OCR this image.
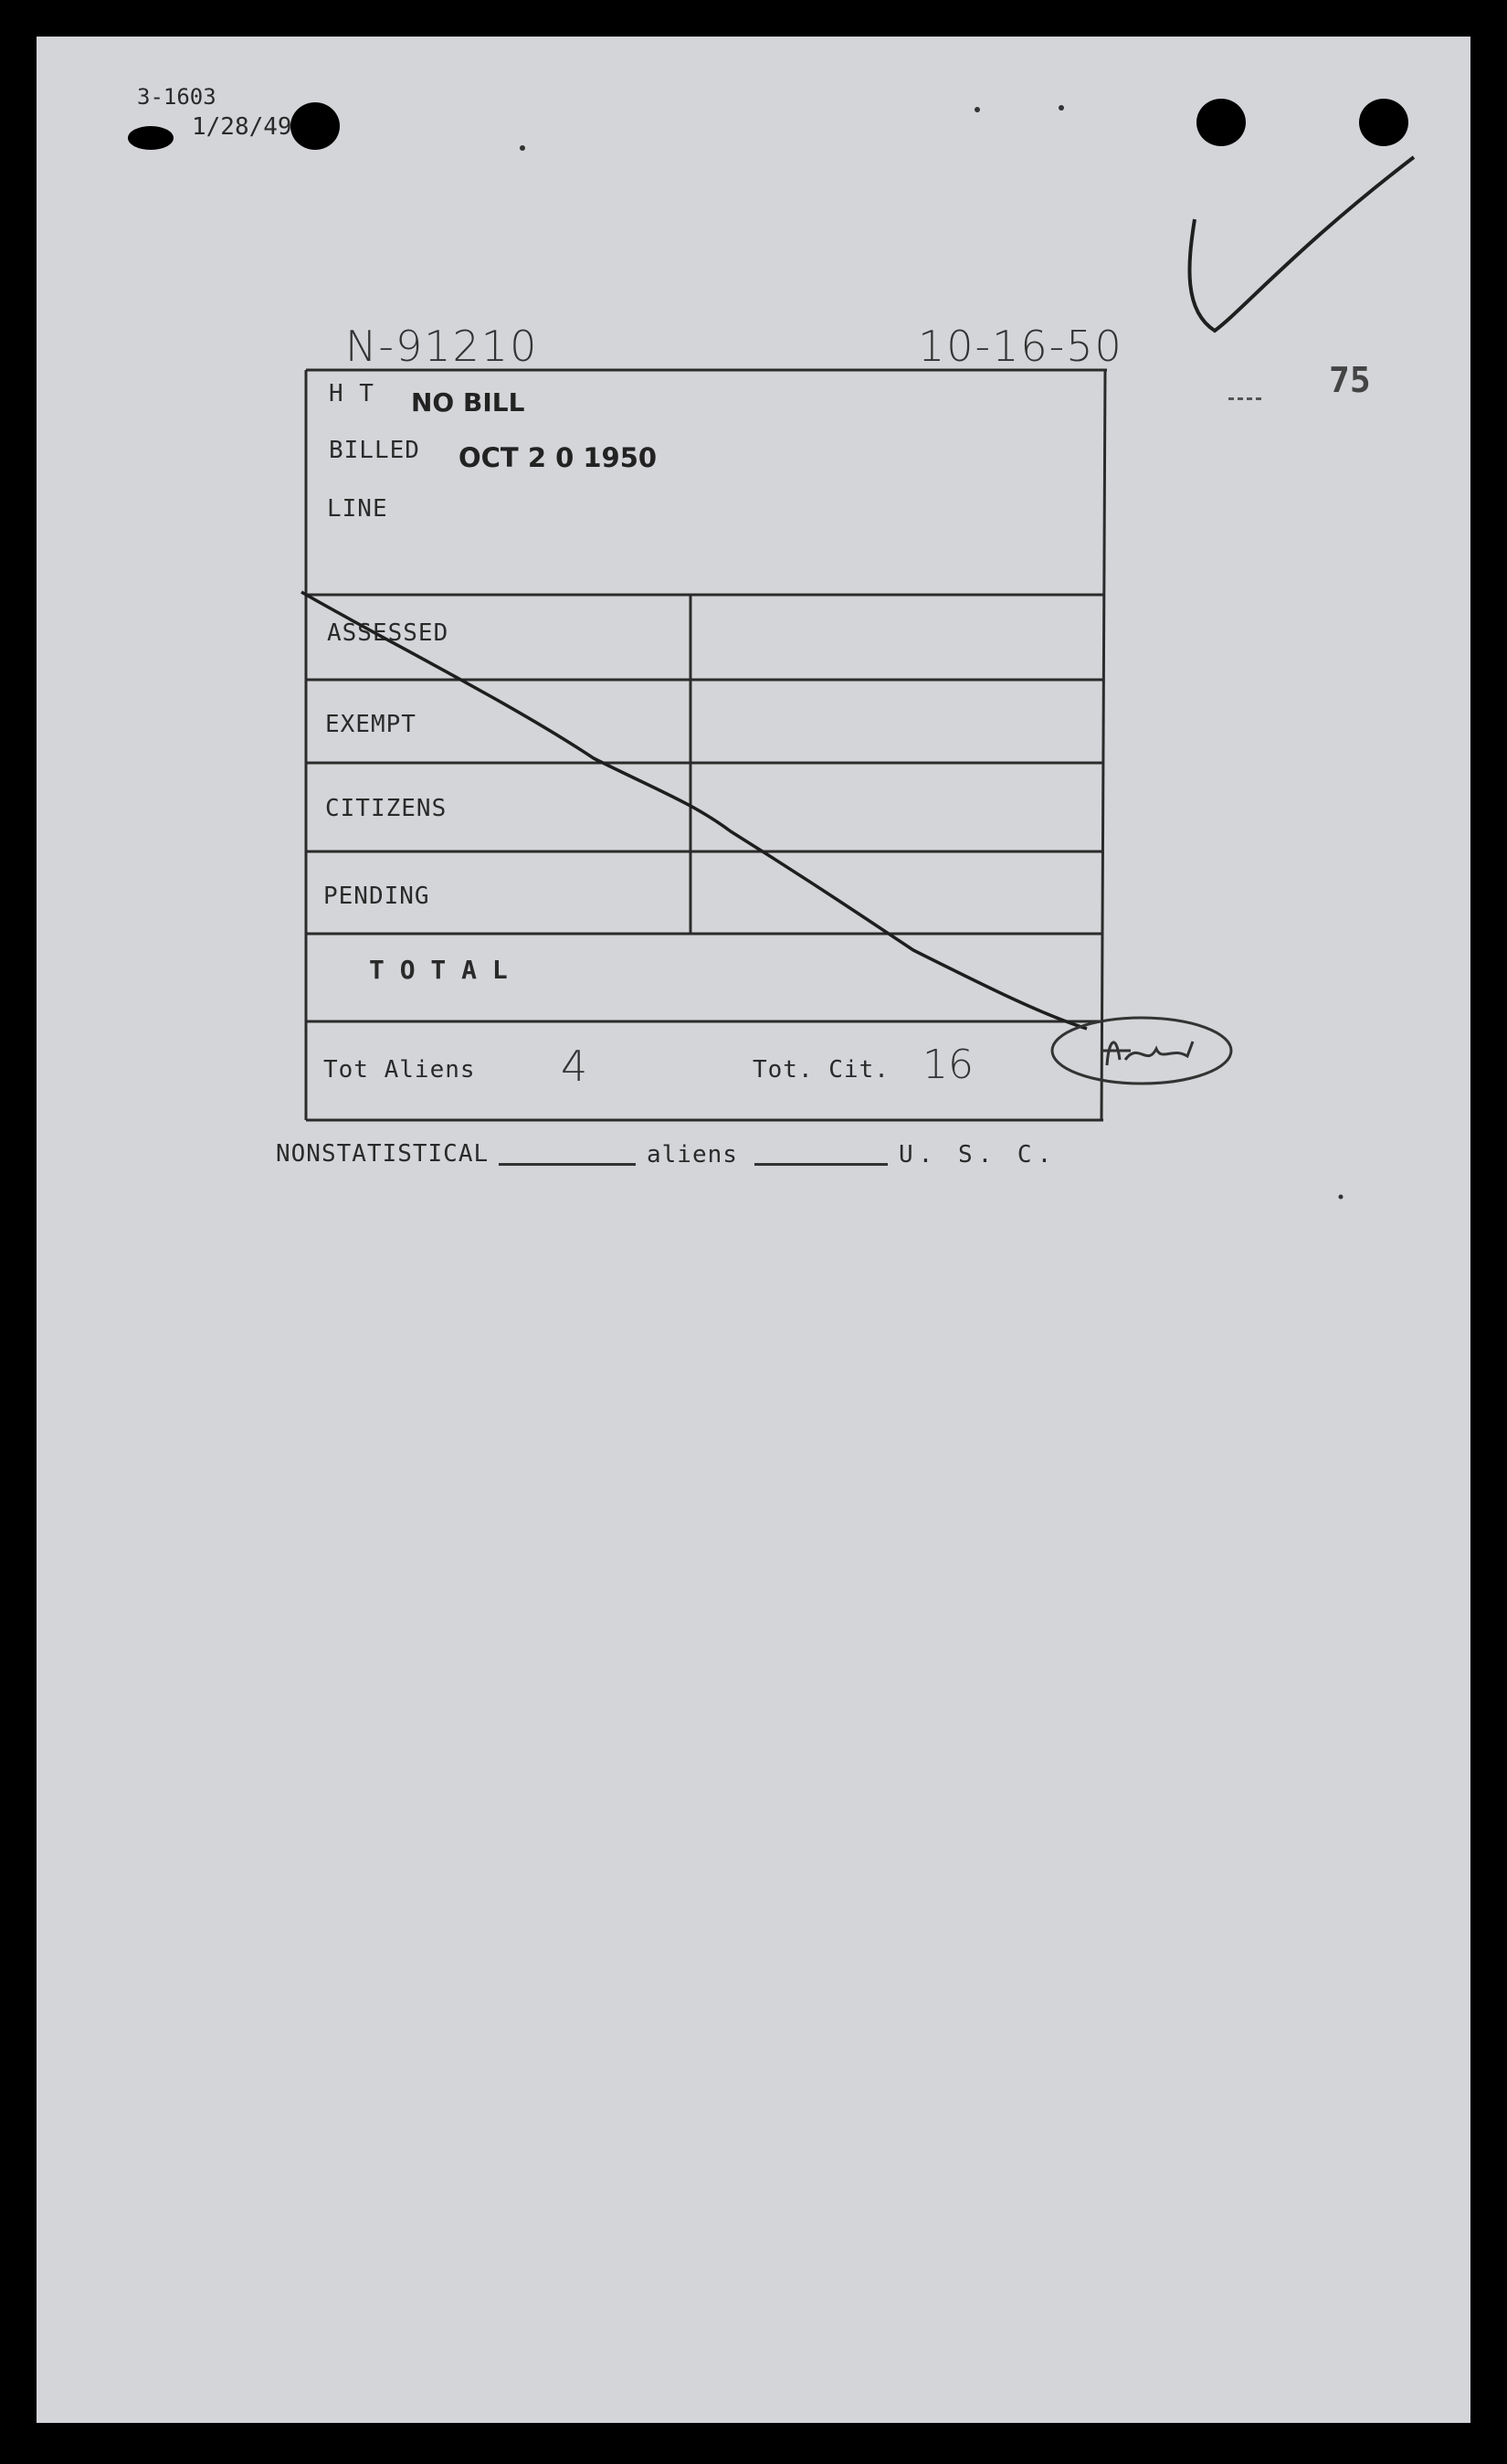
3-1603
1/28/49
N-91210	10-16-50
75
H T NO BILL
BILLED OCT 2 0 1950
LINE
ASSESSED
EXEMPT
CITIZENS
PENDING
T O T A L
Tot Aliens 4	Tot. Cit. 16
NONSTATISTICAL	aliens	U. S. C.
